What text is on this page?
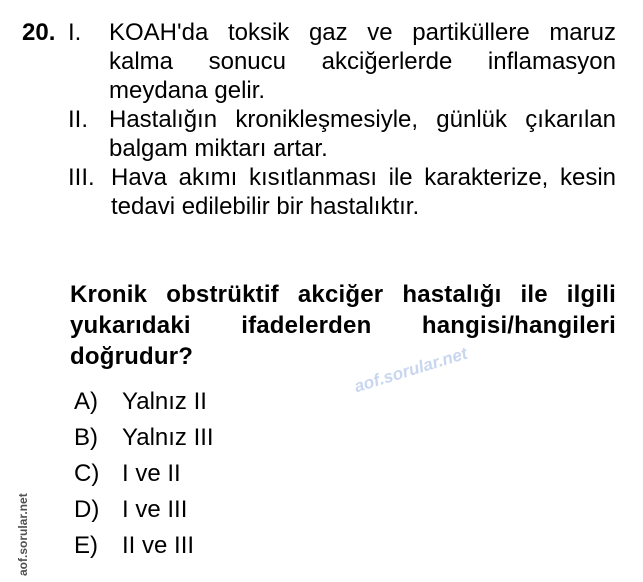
20. I.	KOAH'da toksik gaz ve partiküllere maruz kalma sonucu akciğerlerde inflamasyon meydana gelir.
II. Hastalığın kronikleşmesiyle, günlük çıkarılan balgam miktarı artar.
III. Hava akımı kısıtlanması ile karakterize, kesin tedavi edilebilir bir hastalıktır.
Kronik obstrüktif akciğer hastalığı ile ilgili yukarıdaki ifadelerden hangisi/hangileri doğrudur?
A)	Yalnız II
B)	Yalnız III
C) I ve II
D) I ve III
E)	II ve III
aof.sorular.net
aof.sorular.net
